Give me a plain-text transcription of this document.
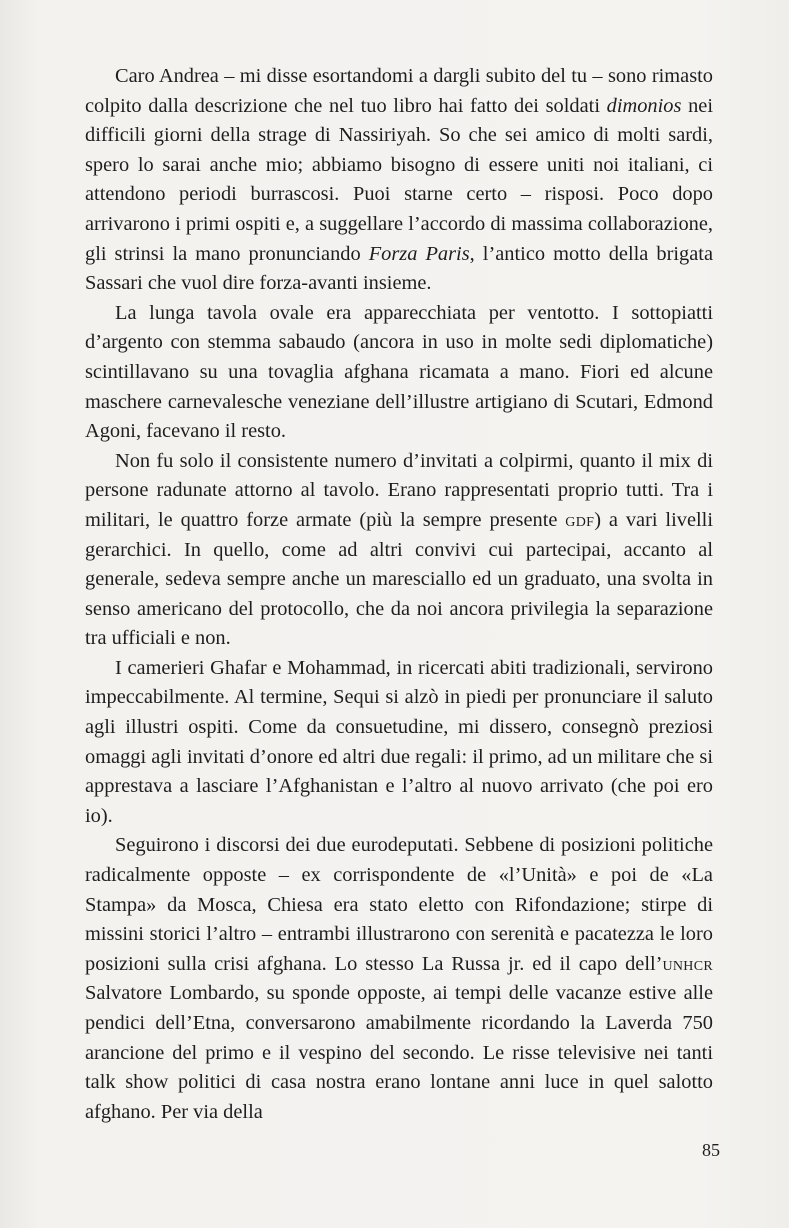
Caro Andrea – mi disse esortandomi a dargli subito del tu – sono rimasto colpito dalla descrizione che nel tuo libro hai fatto dei soldati dimonios nei difficili giorni della strage di Nassiriyah. So che sei amico di molti sardi, spero lo sarai anche mio; abbiamo bisogno di essere uniti noi italiani, ci attendono periodi burrascosi. Puoi starne certo – risposi. Poco dopo arrivarono i primi ospiti e, a suggellare l’accordo di massima collaborazione, gli strinsi la mano pronunciando Forza Paris, l’antico motto della brigata Sassari che vuol dire forza-avanti insieme.

La lunga tavola ovale era apparecchiata per ventotto. I sottopiatti d’argento con stemma sabaudo (ancora in uso in molte sedi diplomatiche) scintillavano su una tovaglia afghana ricamata a mano. Fiori ed alcune maschere carnevalesche veneziane dell’illustre artigiano di Scutari, Edmond Agoni, facevano il resto.

Non fu solo il consistente numero d’invitati a colpirmi, quanto il mix di persone radunate attorno al tavolo. Erano rappresentati proprio tutti. Tra i militari, le quattro forze armate (più la sempre presente gdf) a vari livelli gerarchici. In quello, come ad altri convivi cui partecipai, accanto al generale, sedeva sempre anche un maresciallo ed un graduato, una svolta in senso americano del protocollo, che da noi ancora privilegia la separazione tra ufficiali e non.

I camerieri Ghafar e Mohammad, in ricercati abiti tradizionali, servirono impeccabilmente. Al termine, Sequi si alzò in piedi per pronunciare il saluto agli illustri ospiti. Come da consuetudine, mi dissero, consegnò preziosi omaggi agli invitati d’onore ed altri due regali: il primo, ad un militare che si apprestava a lasciare l’Afghanistan e l’altro al nuovo arrivato (che poi ero io).

Seguirono i discorsi dei due eurodeputati. Sebbene di posizioni politiche radicalmente opposte – ex corrispondente de «l’Unità» e poi de «La Stampa» da Mosca, Chiesa era stato eletto con Rifondazione; stirpe di missini storici l’altro – entrambi illustrarono con serenità e pacatezza le loro posizioni sulla crisi afghana. Lo stesso La Russa jr. ed il capo dell’unhcr Salvatore Lombardo, su sponde opposte, ai tempi delle vacanze estive alle pendici dell’Etna, conversarono amabilmente ricordando la Laverda 750 arancione del primo e il vespino del secondo. Le risse televisive nei tanti talk show politici di casa nostra erano lontane anni luce in quel salotto afghano. Per via della

85
